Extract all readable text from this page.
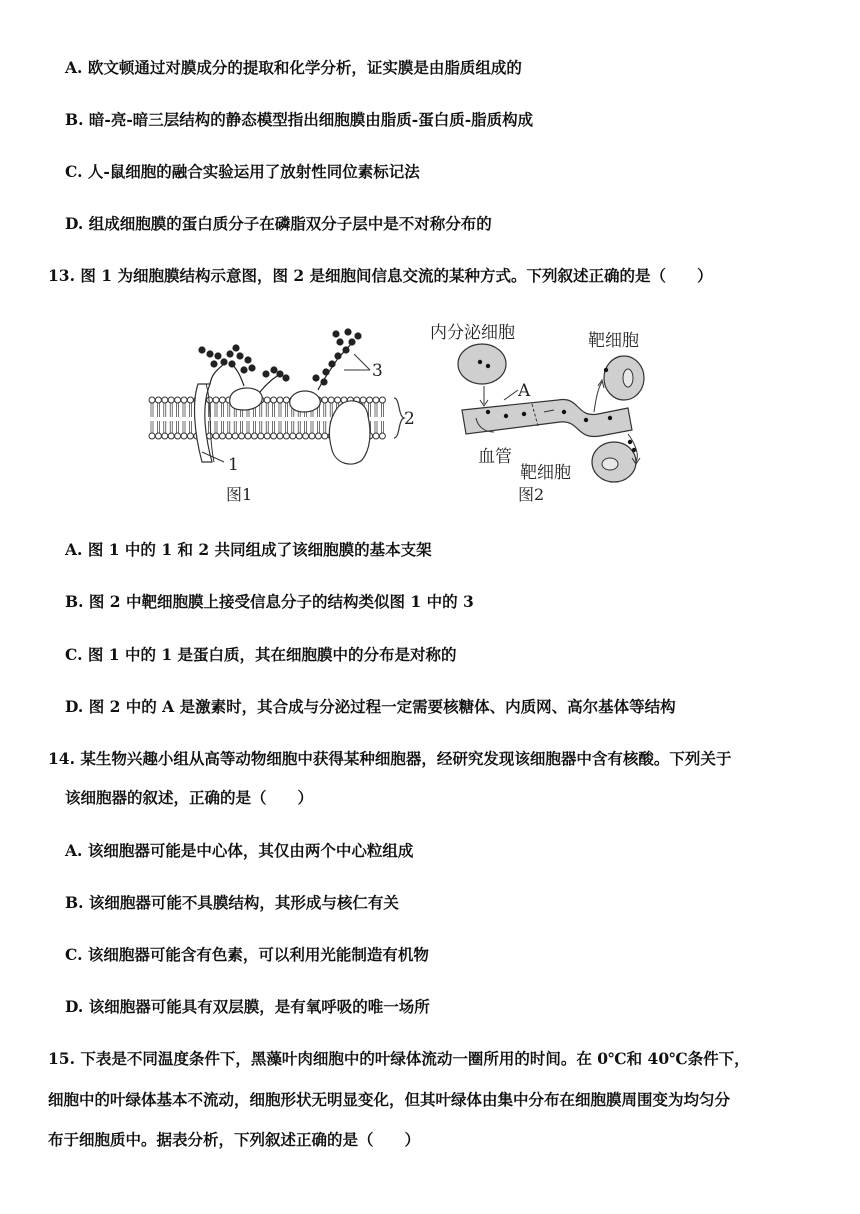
A. 欧文顿通过对膜成分的提取和化学分析，证实膜是由脂质组成的
B. 暗-亮-暗三层结构的静态模型指出细胞膜由脂质-蛋白质-脂质构成
C. 人-鼠细胞的融合实验运用了放射性同位素标记法
D. 组成细胞膜的蛋白质分子在磷脂双分子层中是不对称分布的
13. 图 1 为细胞膜结构示意图，图 2 是细胞间信息交流的某种方式。下列叙述正确的是（　　）
1
2
3
图1
内分泌细胞	靶细胞
A
血管
靶细胞
图2
A. 图 1 中的 1 和 2 共同组成了该细胞膜的基本支架
B. 图 2 中靶细胞膜上接受信息分子的结构类似图 1 中的 3
C. 图 1 中的 1 是蛋白质，其在细胞膜中的分布是对称的
D. 图 2 中的 A 是激素时，其合成与分泌过程一定需要核糖体、内质网、高尔基体等结构
14. 某生物兴趣小组从高等动物细胞中获得某种细胞器，经研究发现该细胞器中含有核酸。下列关于
该细胞器的叙述，正确的是（　　）
A. 该细胞器可能是中心体，其仅由两个中心粒组成
B. 该细胞器可能不具膜结构，其形成与核仁有关
C. 该细胞器可能含有色素，可以利用光能制造有机物
D. 该细胞器可能具有双层膜，是有氧呼吸的唯一场所
15. 下表是不同温度条件下，黑藻叶肉细胞中的叶绿体流动一圈所用的时间。在 0℃和 40℃条件下，
细胞中的叶绿体基本不流动，细胞形状无明显变化，但其叶绿体由集中分布在细胞膜周围变为均匀分
布于细胞质中。据表分析，下列叙述正确的是（　　）
